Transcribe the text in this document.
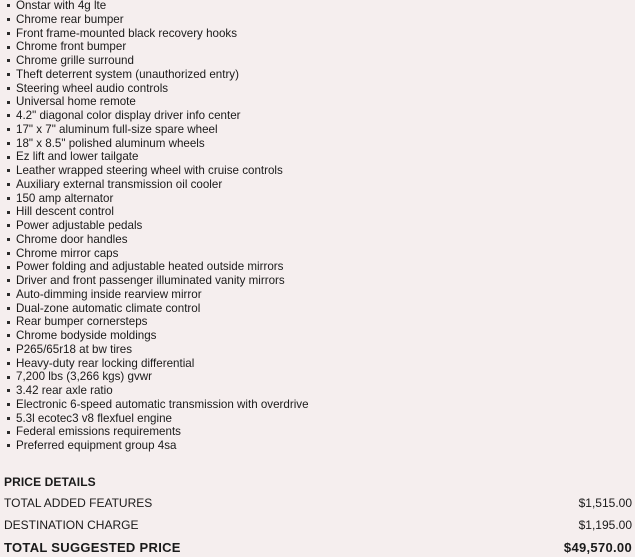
Onstar with 4g lte
Chrome rear bumper
Front frame-mounted black recovery hooks
Chrome front bumper
Chrome grille surround
Theft deterrent system (unauthorized entry)
Steering wheel audio controls
Universal home remote
4.2" diagonal color display driver info center
17" x 7" aluminum full-size spare wheel
18" x 8.5" polished aluminum wheels
Ez lift and lower tailgate
Leather wrapped steering wheel with cruise controls
Auxiliary external transmission oil cooler
150 amp alternator
Hill descent control
Power adjustable pedals
Chrome door handles
Chrome mirror caps
Power folding and adjustable heated outside mirrors
Driver and front passenger illuminated vanity mirrors
Auto-dimming inside rearview mirror
Dual-zone automatic climate control
Rear bumper cornersteps
Chrome bodyside moldings
P265/65r18 at bw tires
Heavy-duty rear locking differential
7,200 lbs (3,266 kgs) gvwr
3.42 rear axle ratio
Electronic 6-speed automatic transmission with overdrive
5.3l ecotec3 v8 flexfuel engine
Federal emissions requirements
Preferred equipment group 4sa
PRICE DETAILS
TOTAL ADDED FEATURES	$1,515.00
DESTINATION CHARGE	$1,195.00
TOTAL SUGGESTED PRICE	$49,570.00
